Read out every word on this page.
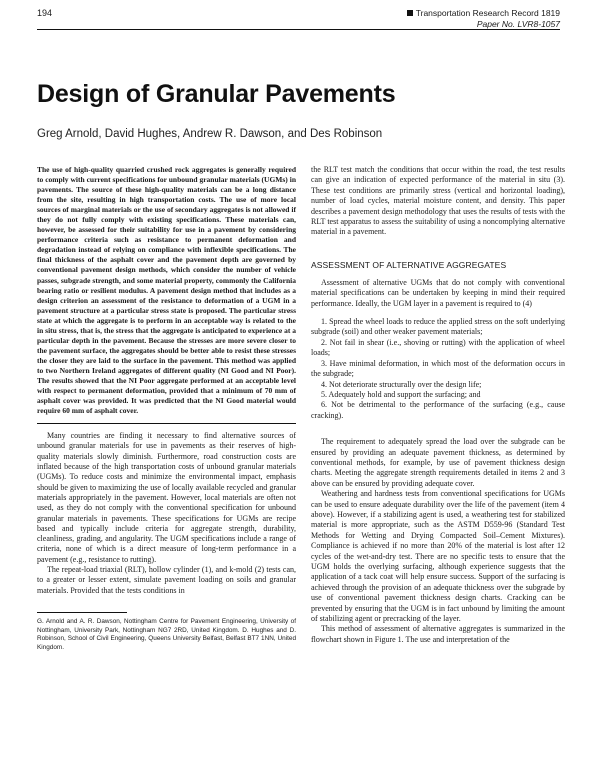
194	Transportation Research Record 1819
Paper No. LVR8-1057
Design of Granular Pavements

Greg Arnold, David Hughes, Andrew R. Dawson, and Des Robinson

The use of high-quality quarried crushed rock aggregates is generally required to comply with current specifications for unbound granular materials (UGMs) in pavements. The source of these high-quality materials can be a long distance from the site, resulting in high transportation costs. The use of more local sources of marginal materials or the use of secondary aggregates is not allowed if they do not fully comply with existing specifications. These materials can, however, be assessed for their suitability for use in a pavement by considering performance criteria such as resistance to permanent deformation and degradation instead of relying on compliance with inflexible specifications. The final thickness of the asphalt cover and the pavement depth are governed by conventional pavement design methods, which consider the number of vehicle passes, subgrade strength, and some material property, commonly the California bearing ratio or resilient modulus. A pavement design method that includes as a design criterion an assessment of the resistance to deformation of a UGM in a pavement structure at a particular stress state is proposed. The particular stress state at which the aggregate is to perform in an acceptable way is related to the in situ stress, that is, the stress that the aggregate is anticipated to experience at a particular depth in the pavement. Because the stresses are more severe closer to the pavement surface, the aggregates should be better able to resist these stresses the closer they are laid to the surface in the pavement. This method was applied to two Northern Ireland aggregates of different quality (NI Good and NI Poor). The results showed that the NI Poor aggregate performed at an acceptable level with respect to permanent deformation, provided that a minimum of 70 mm of asphalt cover was provided. It was predicted that the NI Good material would require 60 mm of asphalt cover.

Many countries are finding it necessary to find alternative sources of unbound granular materials for use in pavements as their reserves of high-quality materials slowly diminish. Furthermore, road construction costs are inflated because of the high transportation costs of unbound granular materials (UGMs). To reduce costs and minimize the environmental impact, emphasis should be given to maximizing the use of locally available recycled and granular materials appropriately in the pavement. However, local materials are often not used, as they do not comply with the conventional specification for unbound granular materials in pavements. These specifications for UGMs are recipe based and typically include criteria for aggregate strength, durability, cleanliness, grading, and angularity. The UGM specifications include a range of criteria, none of which is a direct measure of long-term performance in a pavement (e.g., resistance to rutting).

The repeat-load triaxial (RLT), hollow cylinder (1), and k-mold (2) tests can, to a greater or lesser extent, simulate pavement loading on soils and granular materials. Provided that the tests conditions in

G. Arnold and A. R. Dawson, Nottingham Centre for Pavement Engineering, University of Nottingham, University Park, Nottingham NG7 2RD, United Kingdom. D. Hughes and D. Robinson, School of Civil Engineering, Queens University Belfast, Belfast BT7 1NN, United Kingdom.

the RLT test match the conditions that occur within the road, the test results can give an indication of expected performance of the material in situ (3). These test conditions are primarily stress (vertical and horizontal loading), number of load cycles, material moisture content, and density. This paper describes a pavement design methodology that uses the results of tests with the RLT test apparatus to assess the suitability of using a noncomplying alternative material in a pavement.

ASSESSMENT OF ALTERNATIVE AGGREGATES

Assessment of alternative UGMs that do not comply with conventional material specifications can be undertaken by keeping in mind their required performance. Ideally, the UGM layer in a pavement is required to (4)

1. Spread the wheel loads to reduce the applied stress on the soft underlying subgrade (soil) and other weaker pavement materials;
2. Not fail in shear (i.e., shoving or rutting) with the application of wheel loads;
3. Have minimal deformation, in which most of the deformation occurs in the subgrade;
4. Not deteriorate structurally over the design life;
5. Adequately hold and support the surfacing; and
6. Not be detrimental to the performance of the surfacing (e.g., cause cracking).

The requirement to adequately spread the load over the subgrade can be ensured by providing an adequate pavement thickness, as determined by conventional methods, for example, by use of pavement thickness design charts. Meeting the aggregate strength requirements detailed in items 2 and 3 above can be ensured by providing adequate cover.

Weathering and hardness tests from conventional specifications for UGMs can be used to ensure adequate durability over the life of the pavement (item 4 above). However, if a stabilizing agent is used, a weathering test for stabilized material is more appropriate, such as the ASTM D559-96 (Standard Test Methods for Wetting and Drying Compacted Soil–Cement Mixtures). Compliance is achieved if no more than 20% of the material is lost after 12 cycles of the wet-and-dry test. There are no specific tests to ensure that the UGM holds the overlying surfacing, although experience suggests that the application of a tack coat will help ensure success. Support of the surfacing is achieved through the provision of an adequate thickness over the subgrade by use of conventional pavement thickness design charts. Cracking can be prevented by ensuring that the UGM is in fact unbound by limiting the amount of stabilizing agent or precracking of the layer.

This method of assessment of alternative aggregates is summarized in the flowchart shown in Figure 1. The use and interpretation of the
